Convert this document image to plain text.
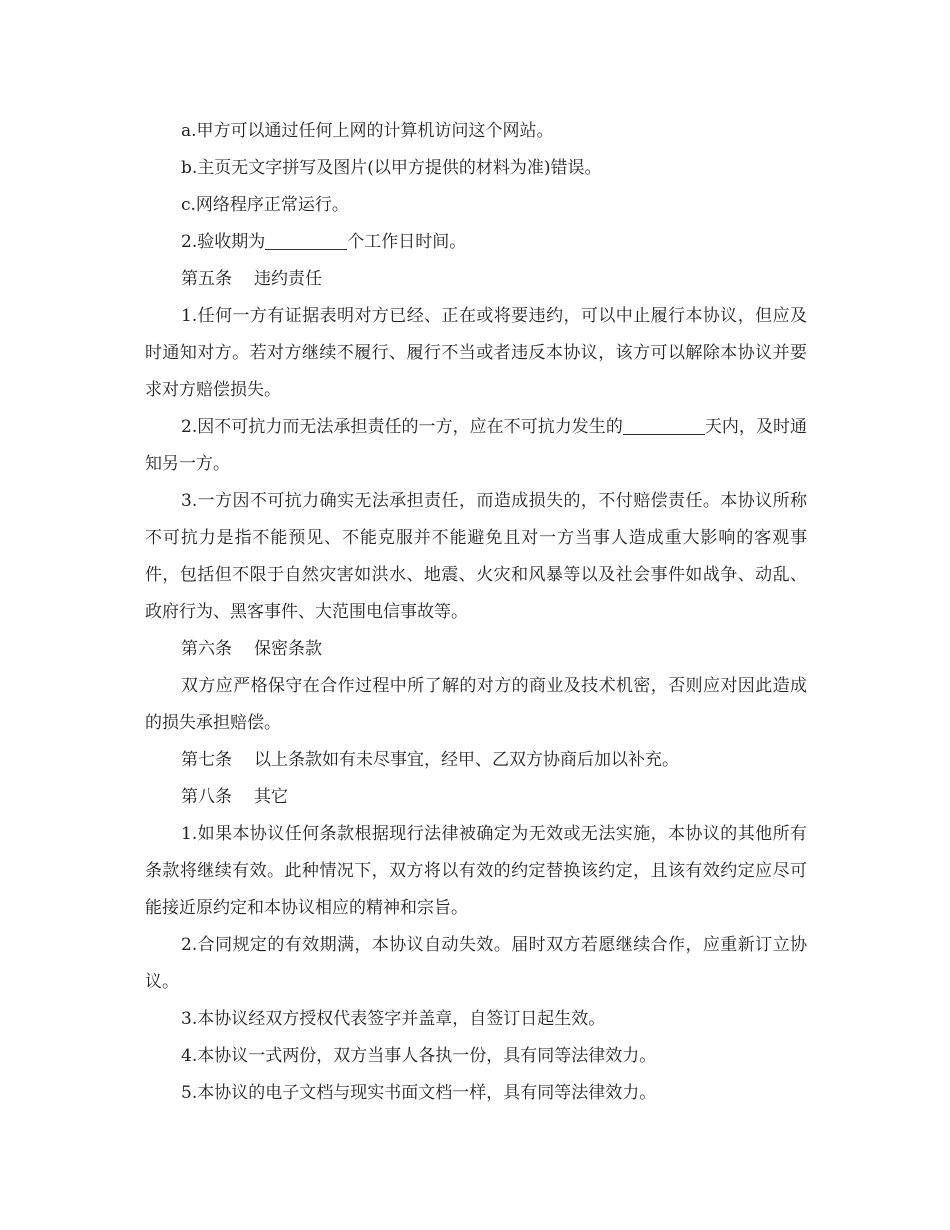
a.甲方可以通过任何上网的计算机访问这个网站。

b.主页无文字拼写及图片(以甲方提供的材料为准)错误。

c.网络程序正常运行。

2.验收期为	个工作日时间。

第五条 违约责任

1.任何一方有证据表明对方已经、正在或将要违约，可以中止履行本协议，但应及时通知对方。若对方继续不履行、履行不当或者违反本协议，该方可以解除本协议并要求对方赔偿损失。

2.因不可抗力而无法承担责任的一方，应在不可抗力发生的	天内，及时通知另一方。

3.一方因不可抗力确实无法承担责任，而造成损失的，不付赔偿责任。本协议所称不可抗力是指不能预见、不能克服并不能避免且对一方当事人造成重大影响的客观事件，包括但不限于自然灾害如洪水、地震、火灾和风暴等以及社会事件如战争、动乱、政府行为、黑客事件、大范围电信事故等。

第六条 保密条款

双方应严格保守在合作过程中所了解的对方的商业及技术机密，否则应对因此造成的损失承担赔偿。

第七条 以上条款如有未尽事宜，经甲、乙双方协商后加以补充。

第八条 其它

1.如果本协议任何条款根据现行法律被确定为无效或无法实施，本协议的其他所有条款将继续有效。此种情况下，双方将以有效的约定替换该约定，且该有效约定应尽可能接近原约定和本协议相应的精神和宗旨。

2.合同规定的有效期满，本协议自动失效。届时双方若愿继续合作，应重新订立协议。

3.本协议经双方授权代表签字并盖章，自签订日起生效。

4.本协议一式两份，双方当事人各执一份，具有同等法律效力。

5.本协议的电子文档与现实书面文档一样，具有同等法律效力。
